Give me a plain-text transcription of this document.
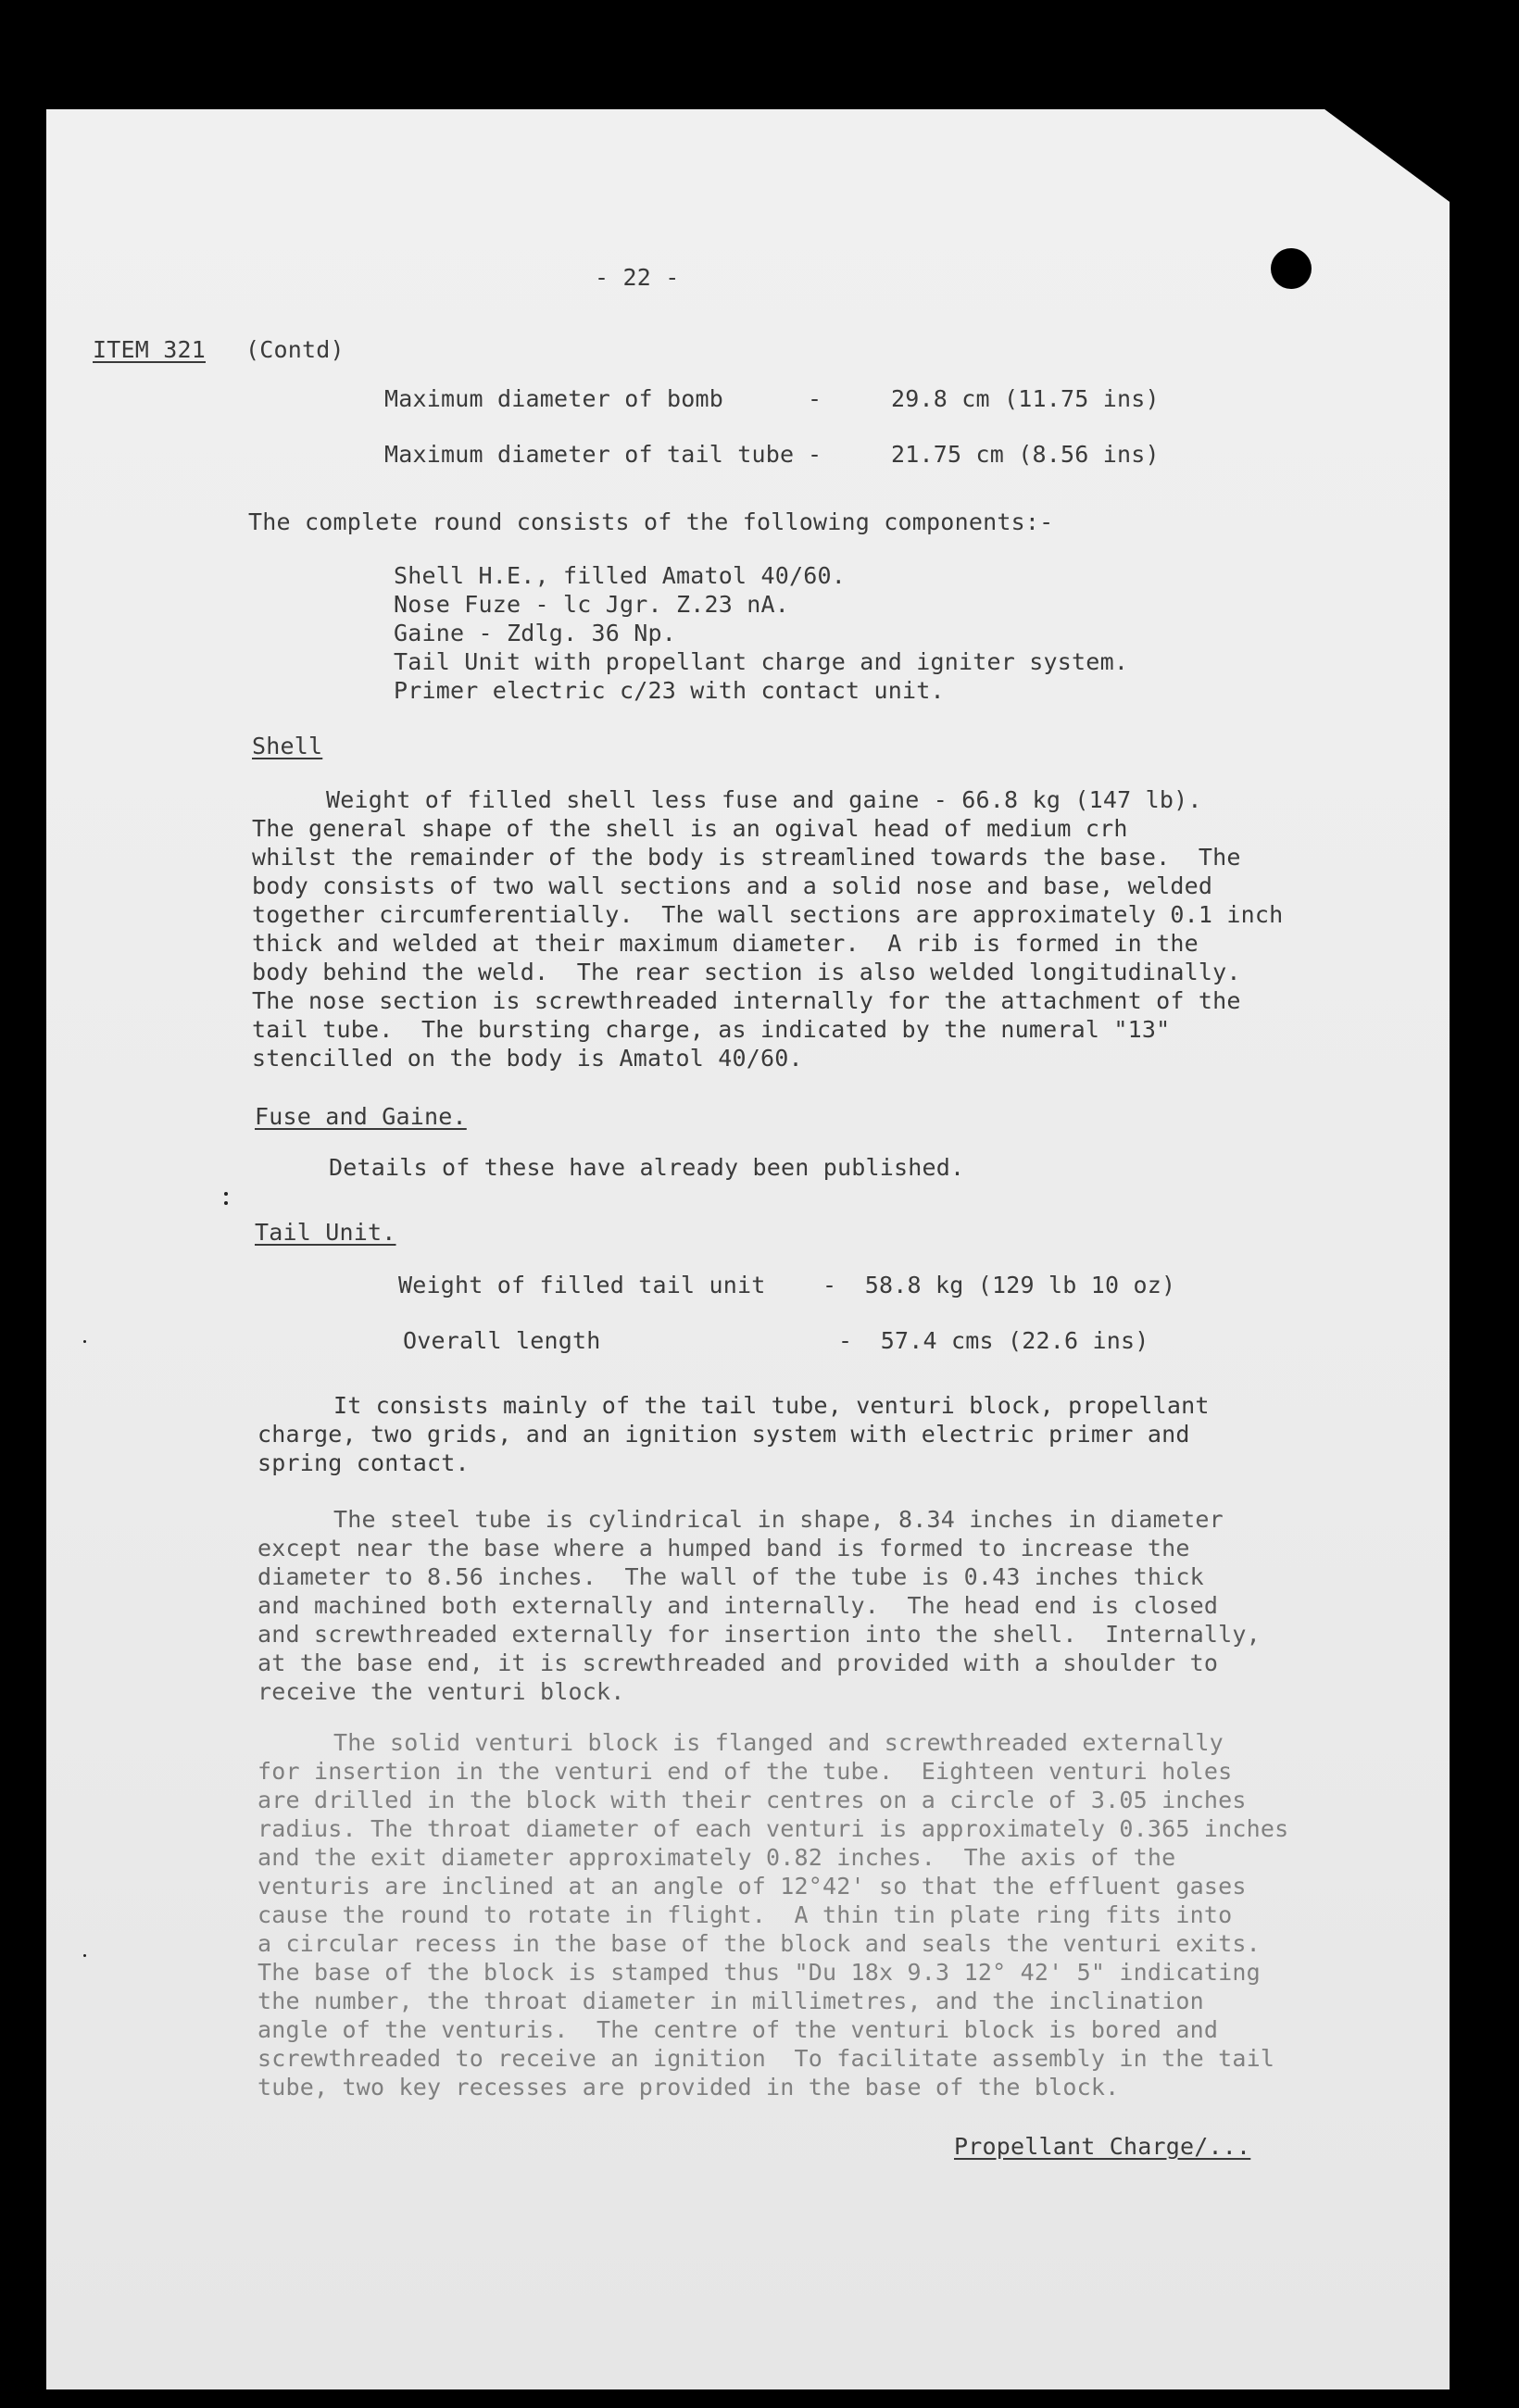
- 22 -

ITEM 321 (Contd)

Maximum diameter of bomb	-	29.8 cm (11.75 ins)

Maximum diameter of tail tube -	21.75 cm (8.56 ins)

The complete round consists of the following components:-

Shell H.E., filled Amatol 40/60.

Nose Fuze - lc Jgr. Z.23 nA.

Gaine - Zdlg. 36 Np.

Tail Unit with propellant charge and igniter system.

Primer electric c/23 with contact unit.

Shell

Weight of filled shell less fuse and gaine - 66.8 kg (147 lb).

The general shape of the shell is an ogival head of medium crh

whilst the remainder of the body is streamlined towards the base.  The

body consists of two wall sections and a solid nose and base, welded

together circumferentially.  The wall sections are approximately 0.1 inch

thick and welded at their maximum diameter.  A rib is formed in the

body behind the weld.  The rear section is also welded longitudinally.

The nose section is screwthreaded internally for the attachment of the

tail tube.  The bursting charge, as indicated by the numeral "13"

stencilled on the body is Amatol 40/60.

Fuse and Gaine.

Details of these have already been published.

Tail Unit.

Weight of filled tail unit -  58.8 kg (129 lb 10 oz)

Overall length	-  57.4 cms (22.6 ins)

It consists mainly of the tail tube, venturi block, propellant

charge, two grids, and an ignition system with electric primer and

spring contact.

The steel tube is cylindrical in shape, 8.34 inches in diameter

except near the base where a humped band is formed to increase the

diameter to 8.56 inches.  The wall of the tube is 0.43 inches thick

and machined both externally and internally.  The head end is closed

and screwthreaded externally for insertion into the shell.  Internally,

at the base end, it is screwthreaded and provided with a shoulder to

receive the venturi block.

The solid venturi block is flanged and screwthreaded externally

for insertion in the venturi end of the tube.  Eighteen venturi holes

are drilled in the block with their centres on a circle of 3.05 inches

radius. The throat diameter of each venturi is approximately 0.365 inches

and the exit diameter approximately 0.82 inches.  The axis of the

venturis are inclined at an angle of 12°42' so that the effluent gases

cause the round to rotate in flight.  A thin tin plate ring fits into

a circular recess in the base of the block and seals the venturi exits.

The base of the block is stamped thus "Du 18x 9.3 12° 42' 5" indicating

the number, the throat diameter in millimetres, and the inclination

angle of the venturis.  The centre of the venturi block is bored and

screwthreaded to receive an ignition  To facilitate assembly in the tail

tube, two key recesses are provided in the base of the block.

Propellant Charge/...
